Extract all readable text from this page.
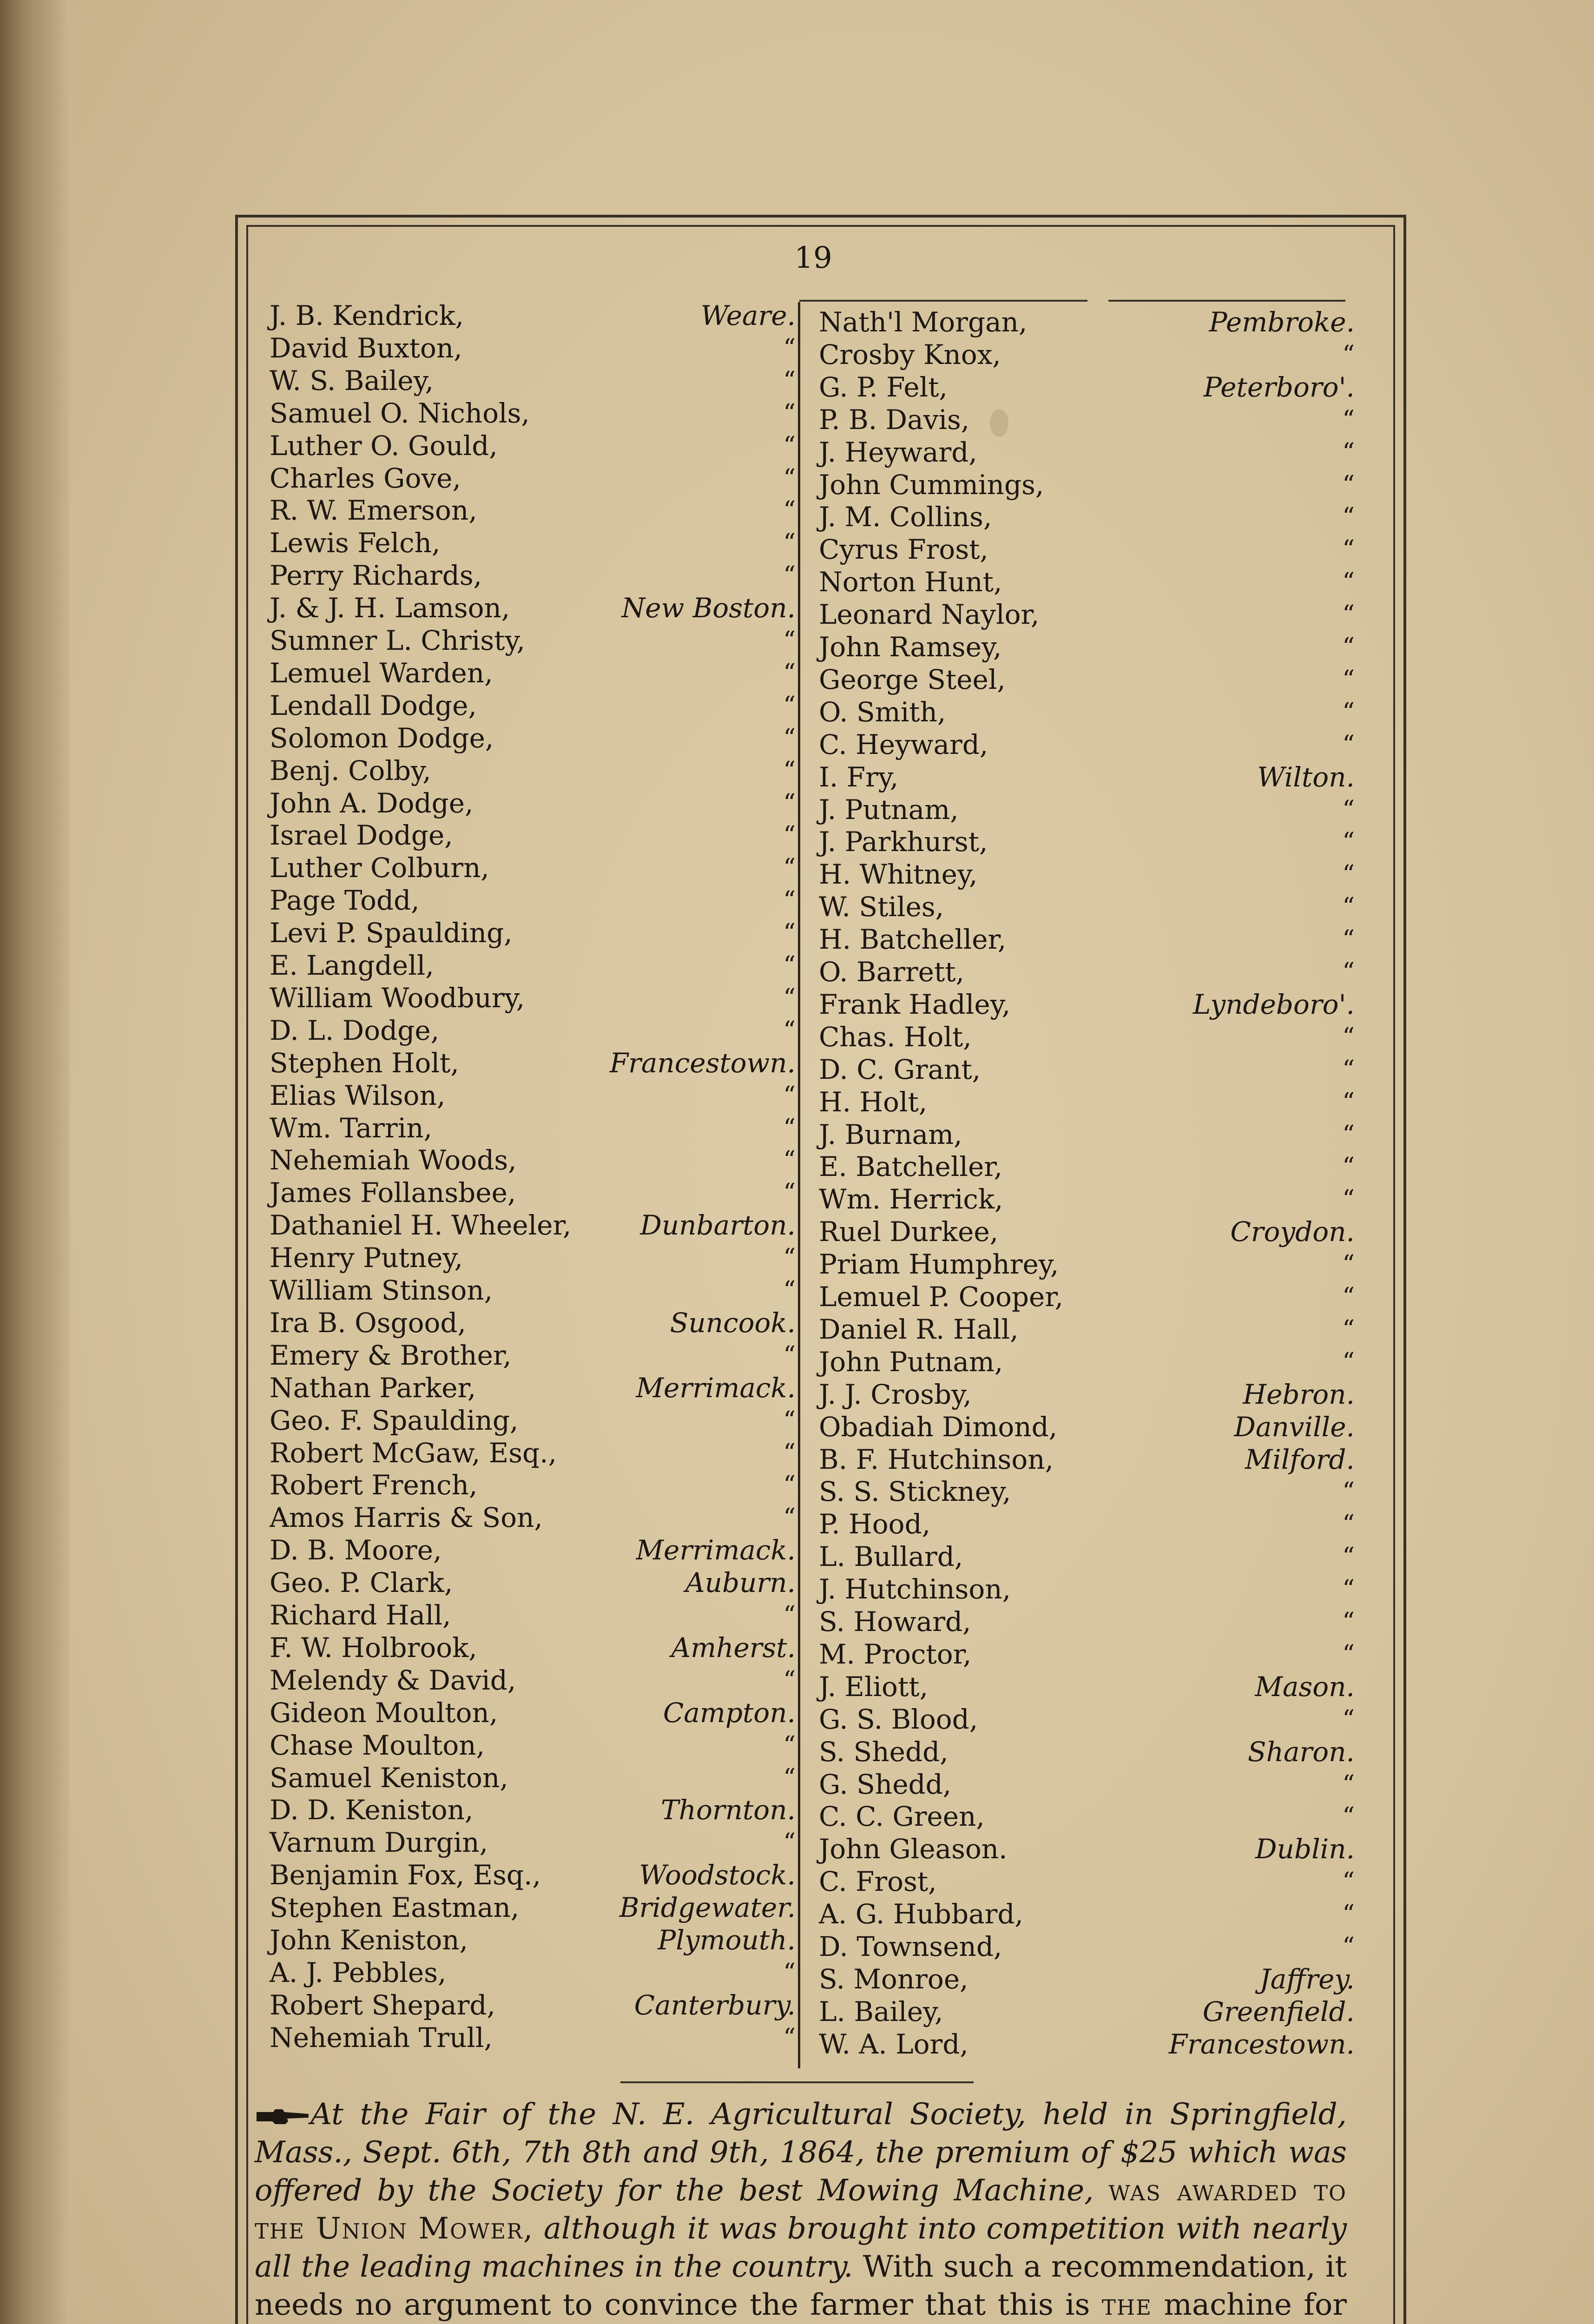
19
J. B. Kendrick,	Weare.
David Buxton,	“
W. S. Bailey,	“
Samuel O. Nichols,	“
Luther O. Gould,	“
Charles Gove,	“
R. W. Emerson,	“
Lewis Felch,	“
Perry Richards,	“
J. & J. H. Lamson,	New Boston.
Sumner L. Christy,	“
Lemuel Warden,	“
Lendall Dodge,	“
Solomon Dodge,	“
Benj. Colby,	“
John A. Dodge,	“
Israel Dodge,	“
Luther Colburn,	“
Page Todd,	“
Levi P. Spaulding,	“
E. Langdell,	“
William Woodbury,	“
D. L. Dodge,	“
Stephen Holt,	Francestown.
Elias Wilson,	“
Wm. Tarrin,	“
Nehemiah Woods,	“
James Follansbee,	“
Dathaniel H. Wheeler,	Dunbarton.
Henry Putney,	“
William Stinson,	“
Ira B. Osgood,	Suncook.
Emery & Brother,	“
Nathan Parker,	Merrimack.
Geo. F. Spaulding,	“
Robert McGaw, Esq.,	“
Robert French,	“
Amos Harris & Son,	“
D. B. Moore,	Merrimack.
Geo. P. Clark,	Auburn.
Richard Hall,	“
F. W. Holbrook,	Amherst.
Melendy & David,	“
Gideon Moulton,	Campton.
Chase Moulton,	“
Samuel Keniston,	“
D. D. Keniston,	Thornton.
Varnum Durgin,	“
Benjamin Fox, Esq.,	Woodstock.
Stephen Eastman,	Bridgewater.
John Keniston,	Plymouth.
A. J. Pebbles,	“
Robert Shepard,	Canterbury.
Nehemiah Trull,	“
Nath'l Morgan,	Pembroke.
Crosby Knox,	“
G. P. Felt,	Peterboro'.
P. B. Davis,	“
J. Heyward,	“
John Cummings,	“
J. M. Collins,	“
Cyrus Frost,	“
Norton Hunt,	“
Leonard Naylor,	“
John Ramsey,	“
George Steel,	“
O. Smith,	“
C. Heyward,	“
I. Fry,	Wilton.
J. Putnam,	“
J. Parkhurst,	“
H. Whitney,	“
W. Stiles,	“
H. Batcheller,	“
O. Barrett,	“
Frank Hadley,	Lyndeboro'.
Chas. Holt,	“
D. C. Grant,	“
H. Holt,	“
J. Burnam,	“
E. Batcheller,	“
Wm. Herrick,	“
Ruel Durkee,	Croydon.
Priam Humphrey,	“
Lemuel P. Cooper,	“
Daniel R. Hall,	“
John Putnam,	“
J. J. Crosby,	Hebron.
Obadiah Dimond,	Danville.
B. F. Hutchinson,	Milford.
S. S. Stickney,	“
P. Hood,	“
L. Bullard,	“
J. Hutchinson,	“
S. Howard,	“
M. Proctor,	“
J. Eliott,	Mason.
G. S. Blood,	“
S. Shedd,	Sharon.
G. Shedd,	“
C. C. Green,	“
John Gleason.	Dublin.
C. Frost,	“
A. G. Hubbard,	“
D. Townsend,	“
S. Monroe,	Jaffrey.
L. Bailey,	Greenfield.
W. A. Lord,	Francestown.
At the Fair of the N. E. Agricultural Society, held in Springfield, Mass., Sept. 6th, 7th 8th and 9th, 1864, the premium of $25 which was offered by the Society for the best Mowing Machine, was awarded to the Union Mower, although it was brought into competition with nearly all the leading machines in the country. With such a recommendation, it needs no argument to convince the farmer that this is the machine for
